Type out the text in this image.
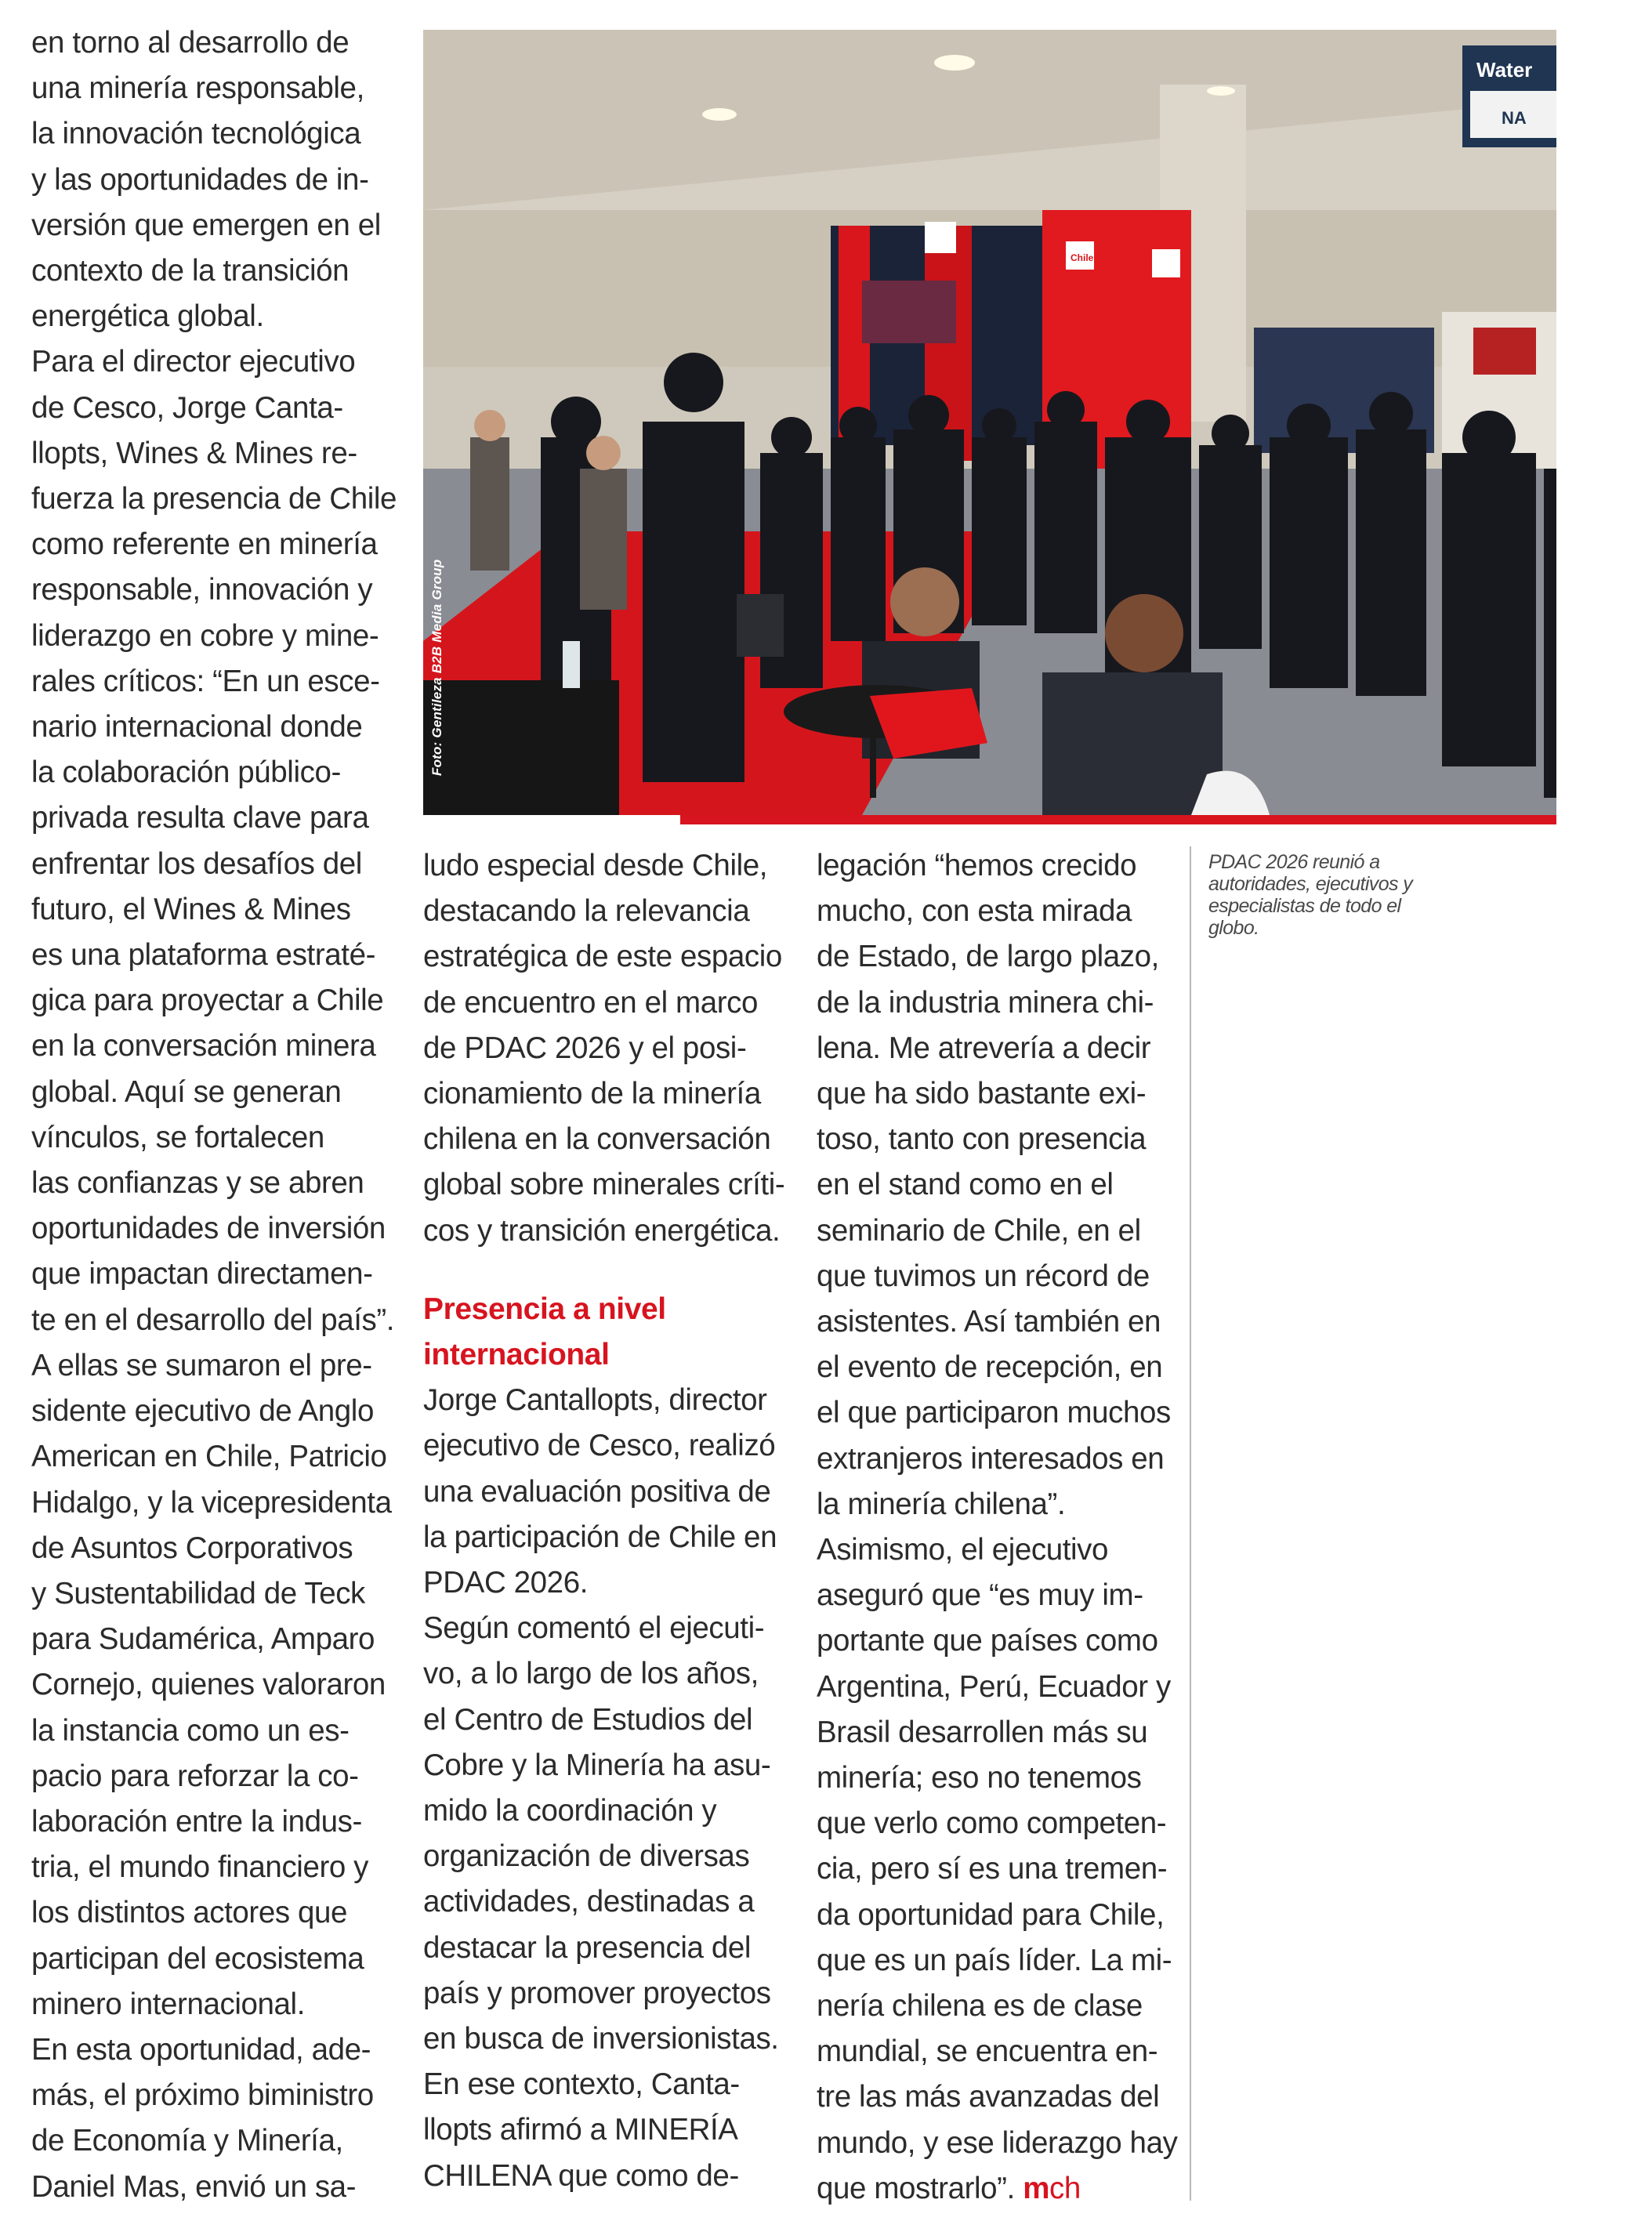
en torno al desarrollo de
una minería responsable,
la innovación tecnológica
y las oportunidades de in-
versión que emergen en el
contexto de la transición
energética global.

Para el director ejecutivo
de Cesco, Jorge Canta-
llopts, Wines & Mines re-
fuerza la presencia de Chile
como referente en minería
responsable, innovación y
liderazgo en cobre y mine-
rales críticos: “En un esce-
nario internacional donde
la colaboración público-
privada resulta clave para
enfrentar los desafíos del
futuro, el Wines & Mines
es una plataforma estraté-
gica para proyectar a Chile
en la conversación minera
global. Aquí se generan
vínculos, se fortalecen
las confianzas y se abren
oportunidades de inversión
que impactan directamen-
te en el desarrollo del país”.

A ellas se sumaron el pre-
sidente ejecutivo de Anglo
American en Chile, Patricio
Hidalgo, y la vicepresidenta
de Asuntos Corporativos
y Sustentabilidad de Teck
para Sudamérica, Amparo
Cornejo, quienes valoraron
la instancia como un es-
pacio para reforzar la co-
laboración entre la indus-
tria, el mundo financiero y
los distintos actores que
participan del ecosistema
minero internacional.

En esta oportunidad, ade-
más, el próximo biministro
de Economía y Minería,
Daniel Mas, envió un sa-

Water
NA
Chile
Foto: Gentileza B2B Media Group

ludo especial desde Chile,
destacando la relevancia
estratégica de este espacio
de encuentro en el marco
de PDAC 2026 y el posi-
cionamiento de la minería
chilena en la conversación
global sobre minerales críti-
cos y transición energética.

Presencia a nivel
internacional

Jorge Cantallopts, director
ejecutivo de Cesco, realizó
una evaluación positiva de
la participación de Chile en
PDAC 2026.

Según comentó el ejecuti-
vo, a lo largo de los años,
el Centro de Estudios del
Cobre y la Minería ha asu-
mido la coordinación y
organización de diversas
actividades, destinadas a
destacar la presencia del
país y promover proyectos
en busca de inversionistas.

En ese contexto, Canta-
llopts afirmó a MINERÍA
CHILENA que como de-

legación “hemos crecido
mucho, con esta mirada
de Estado, de largo plazo,
de la industria minera chi-
lena. Me atrevería a decir
que ha sido bastante exi-
toso, tanto con presencia
en el stand como en el
seminario de Chile, en el
que tuvimos un récord de
asistentes. Así también en
el evento de recepción, en
el que participaron muchos
extranjeros interesados en
la minería chilena”.

Asimismo, el ejecutivo
aseguró que “es muy im-
portante que países como
Argentina, Perú, Ecuador y
Brasil desarrollen más su
minería; eso no tenemos
que verlo como competen-
cia, pero sí es una tremen-
da oportunidad para Chile,
que es un país líder. La mi-
nería chilena es de clase
mundial, se encuentra en-
tre las más avanzadas del
mundo, y ese liderazgo hay
que mostrarlo”. mch

PDAC 2026 reunió a
autoridades, ejecutivos y
especialistas de todo el
globo.
